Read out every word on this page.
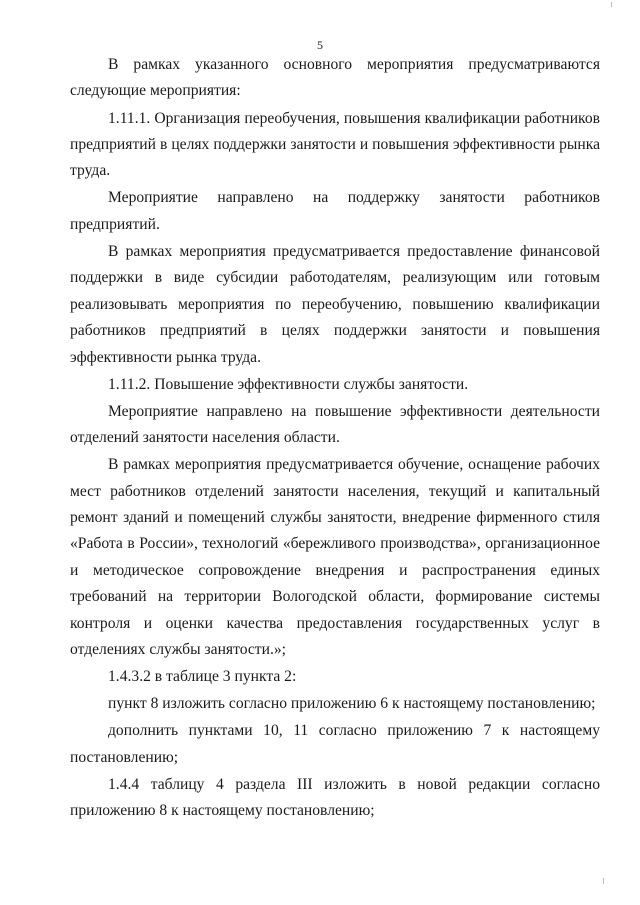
5

В рамках указанного основного мероприятия предусматриваются следующие мероприятия:

1.11.1. Организация переобучения, повышения квалификации работников предприятий в целях поддержки занятости и повышения эффективности рынка труда.

Мероприятие направлено на поддержку занятости работников предприятий.

В рамках мероприятия предусматривается предоставление финансовой поддержки в виде субсидии работодателям, реализующим или готовым реализовывать мероприятия по переобучению, повышению квалификации работников предприятий в целях поддержки занятости и повышения эффективности рынка труда.

1.11.2. Повышение эффективности службы занятости.

Мероприятие направлено на повышение эффективности деятельности отделений занятости населения области.

В рамках мероприятия предусматривается обучение, оснащение рабочих мест работников отделений занятости населения, текущий и капитальный ремонт зданий и помещений службы занятости, внедрение фирменного стиля «Работа в России», технологий «бережливого производства», организационное и методическое сопровождение внедрения и распространения единых требований на территории Вологодской области, формирование системы контроля и оценки качества предоставления государственных услуг в отделениях службы занятости.»;

1.4.3.2 в таблице 3 пункта 2:

пункт 8 изложить согласно приложению 6 к настоящему постановлению;

дополнить пунктами 10, 11 согласно приложению 7 к настоящему постановлению;

1.4.4 таблицу 4 раздела III изложить в новой редакции согласно приложению 8 к настоящему постановлению;
